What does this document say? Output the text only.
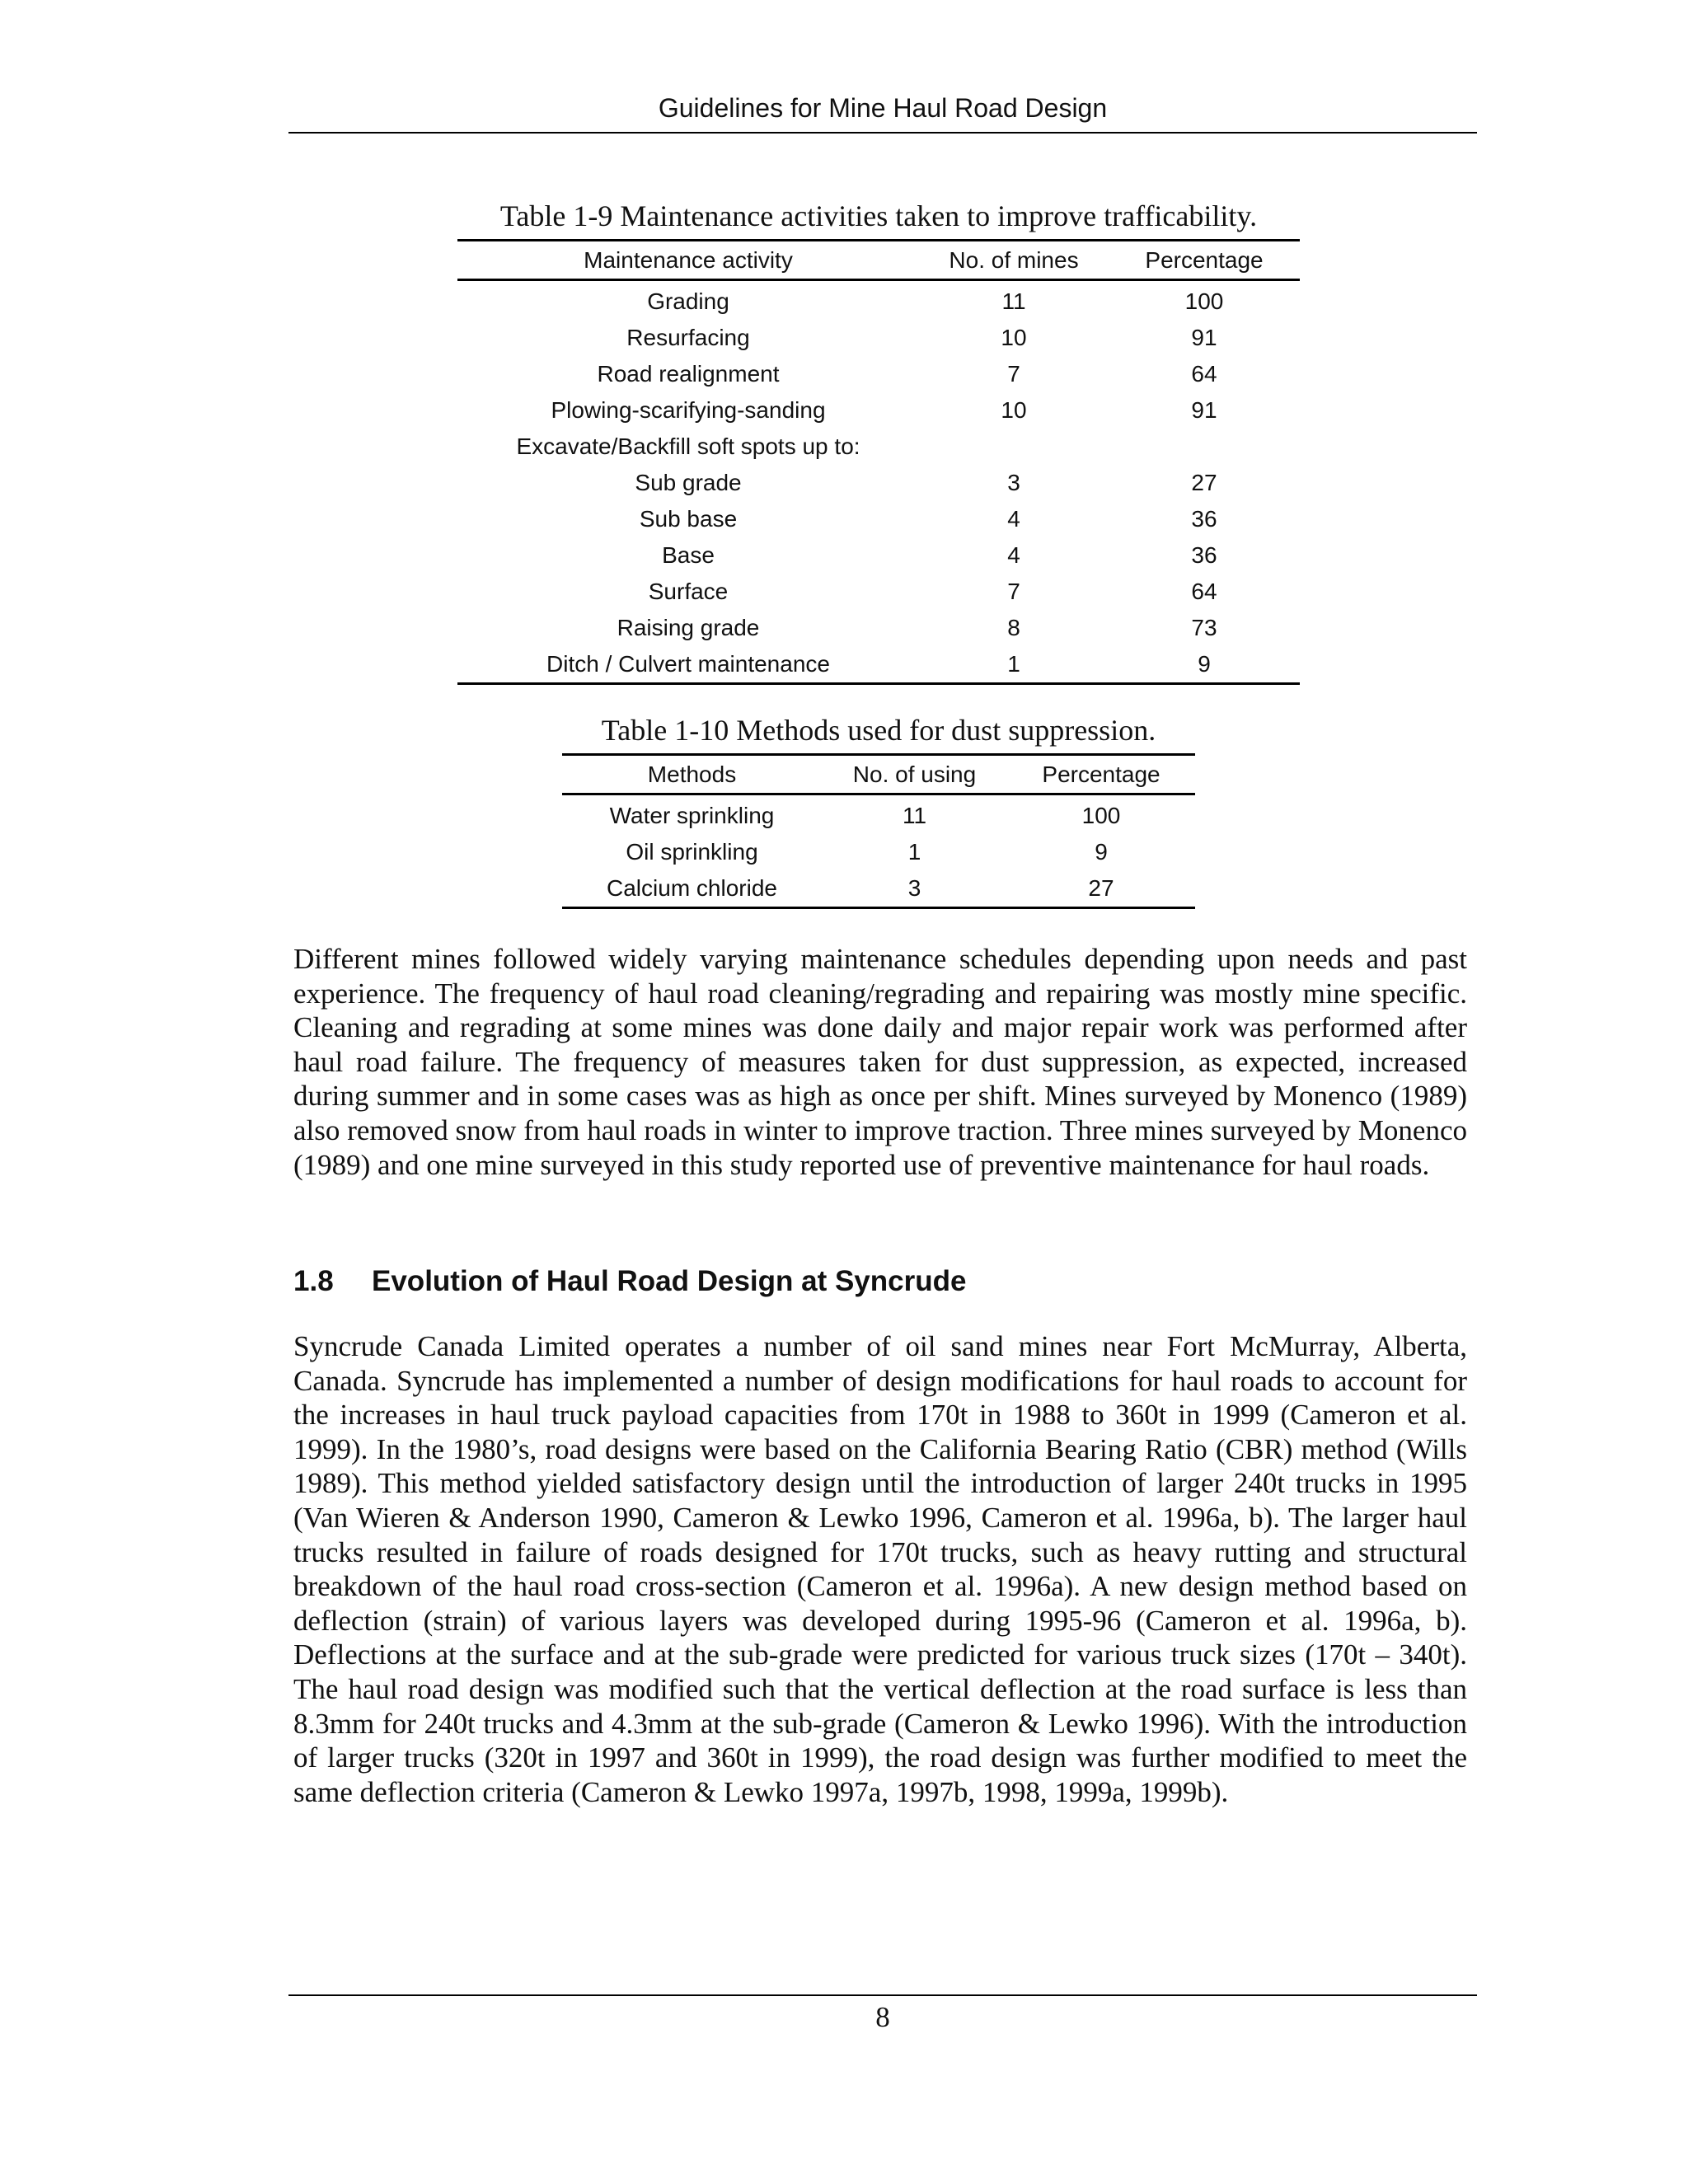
Guidelines for Mine Haul Road Design
Table 1-9 Maintenance activities taken to improve trafficability.
Maintenance activity	No. of mines	Percentage
Grading	11	100
Resurfacing	10	91
Road realignment	7	64
Plowing-scarifying-sanding	10	91
Excavate/Backfill soft spots up to:		
Sub grade	3	27
Sub base	4	36
Base	4	36
Surface	7	64
Raising grade	8	73
Ditch / Culvert maintenance	1	9
Table 1-10 Methods used for dust suppression.
Methods	No. of using	Percentage
Water sprinkling	11	100
Oil sprinkling	1	9
Calcium chloride	3	27

Different mines followed widely varying maintenance schedules depending upon needs and past experience. The frequency of haul road cleaning/regrading and repairing was mostly mine specific. Cleaning and regrading at some mines was done daily and major repair work was performed after haul road failure. The frequency of measures taken for dust suppression, as expected, increased during summer and in some cases was as high as once per shift. Mines surveyed by Monenco (1989) also removed snow from haul roads in winter to improve traction. Three mines surveyed by Monenco (1989) and one mine surveyed in this study reported use of preventive maintenance for haul roads.

1.8 Evolution of Haul Road Design at Syncrude

Syncrude Canada Limited operates a number of oil sand mines near Fort McMurray, Alberta, Canada. Syncrude has implemented a number of design modifications for haul roads to account for the increases in haul truck payload capacities from 170t in 1988 to 360t in 1999 (Cameron et al. 1999). In the 1980’s, road designs were based on the California Bearing Ratio (CBR) method (Wills 1989). This method yielded satisfactory design until the introduction of larger 240t trucks in 1995 (Van Wieren & Anderson 1990, Cameron & Lewko 1996, Cameron et al. 1996a, b). The larger haul trucks resulted in failure of roads designed for 170t trucks, such as heavy rutting and structural breakdown of the haul road cross-section (Cameron et al. 1996a). A new design method based on deflection (strain) of various layers was developed during 1995-96 (Cameron et al. 1996a, b). Deflections at the surface and at the sub-grade were predicted for various truck sizes (170t – 340t). The haul road design was modified such that the vertical deflection at the road surface is less than 8.3mm for 240t trucks and 4.3mm at the sub-grade (Cameron & Lewko 1996). With the introduction of larger trucks (320t in 1997 and 360t in 1999), the road design was further modified to meet the same deflection criteria (Cameron & Lewko 1997a, 1997b, 1998, 1999a, 1999b).

8
